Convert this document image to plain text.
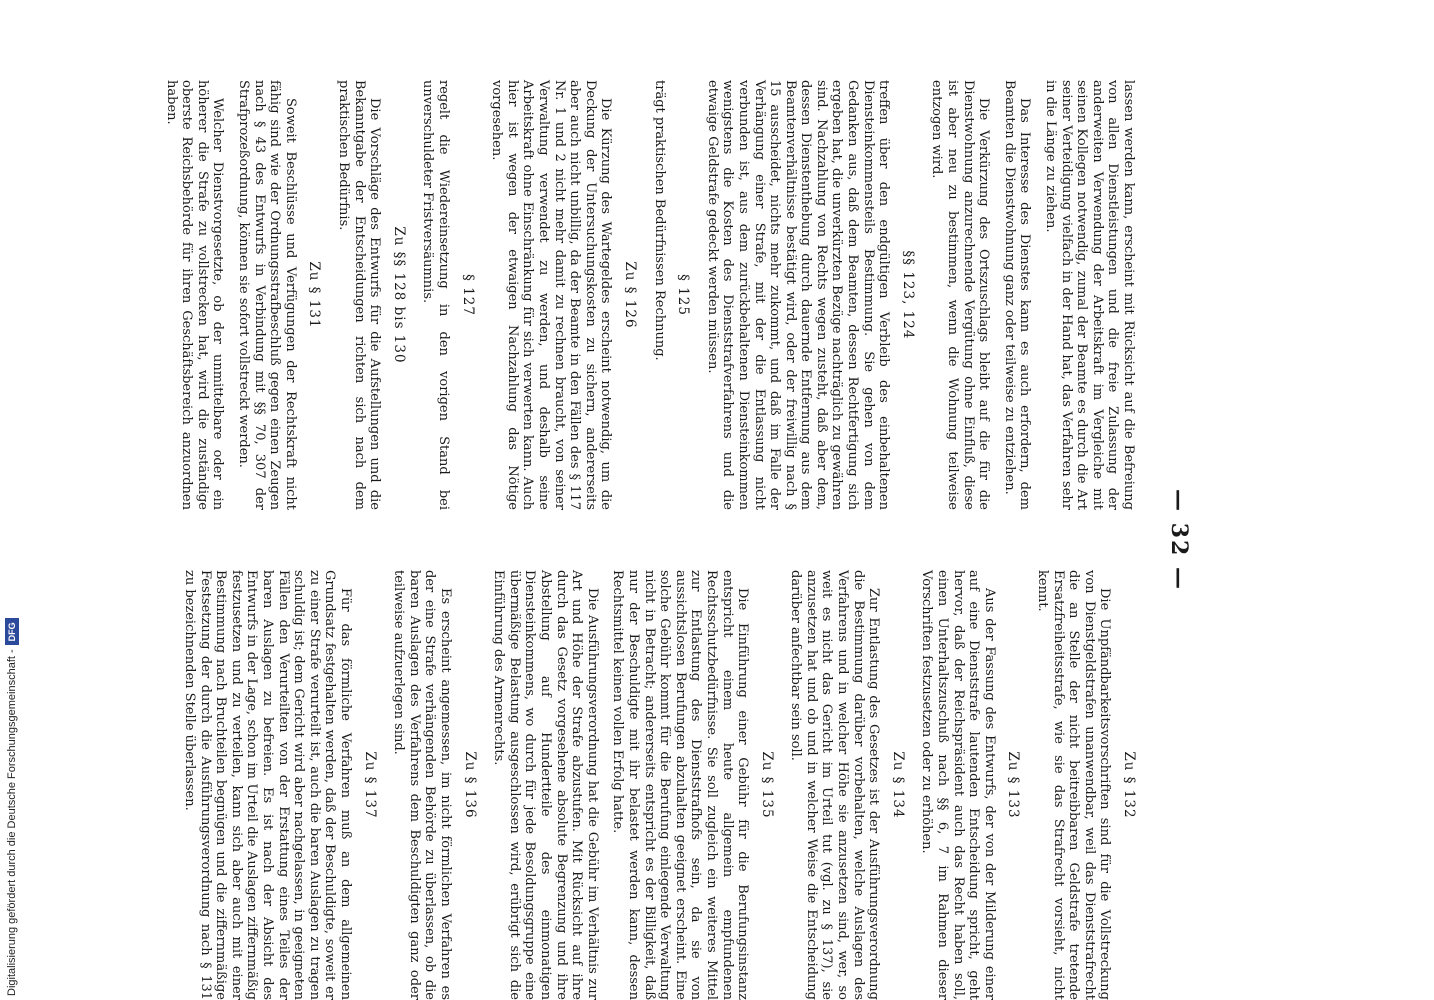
— 32 —

lassen werden kann, erscheint mit Rücksicht auf die Befreiung von allen Dienstleistungen und die freie Zulassung der anderweiten Verwendung der Arbeitskraft im Vergleiche mit seinen Kollegen notwendig, zumal der Beamte es durch die Art seiner Verteidigung vielfach in der Hand hat, das Verfahren sehr in die Länge zu ziehen.

Das Interesse des Dienstes kann es auch erfordern, dem Beamten die Dienstwohnung ganz oder teilweise zu entziehen.

Die Verkürzung des Ortszuschlags bleibt auf die für die Dienstwohnung anzurechnende Vergütung ohne Einfluß, diese ist aber neu zu bestimmen, wenn die Wohnung teilweise entzogen wird.

§§ 123, 124

treffen über den endgültigen Verbleib des einbehaltenen Diensteinkommensteils Bestimmung. Sie gehen von dem Gedanken aus, daß dem Beamten, dessen Rechtfertigung sich ergeben hat, die unverkürzten Bezüge nachträglich zu gewähren sind. Nachzahlung von Rechts wegen zusteht, daß aber dem, dessen Dienstenthebung durch dauernde Entfernung aus dem Beamtenverhältnisse bestätigt wird, oder der freiwillig nach § 15 ausscheidet, nichts mehr zukommt, und daß im Falle der Verhängung einer Strafe, mit der die Entlassung nicht verbunden ist, aus dem zurückbehaltenen Diensteinkommen wenigstens die Kosten des Dienststrafverfahrens und die etwaige Geldstrafe gedeckt werden müssen.

§ 125

trägt praktischen Bedürfnissen Rechnung.

Zu § 126

Die Kürzung des Wartegeldes erscheint notwendig, um die Deckung der Untersuchungskosten zu sichern, andererseits aber auch nicht unbillig, da der Beamte in den Fällen des § 117 Nr. 1 und 2 nicht mehr damit zu rechnen braucht, von seiner Verwaltung verwendet zu werden, und deshalb seine Arbeitskraft ohne Einschränkung für sich verwerten kann. Auch hier ist wegen der etwaigen Nachzahlung das Nötige vorgesehen.

§ 127

regelt die Wiedereinsetzung in den vorigen Stand bei unverschuldeter Fristversäumnis.

Zu §§ 128 bis 130

Die Vorschläge des Entwurfs für die Aufstellungen und die Bekanntgabe der Entscheidungen richten sich nach dem praktischen Bedürfnis.

Zu § 131

Soweit Beschlüsse und Verfügungen der Rechtskraft nicht fähig sind wie der Ordnungsstrafbeschluß gegen einen Zeugen nach § 43 des Entwurfs in Verbindung mit §§ 70, 307 der Strafprozeßordnung, können sie sofort vollstreckt werden.

Welcher Dienstvorgesetzte, ob der unmittelbare oder ein höherer die Strafe zu vollstrecken hat, wird die zuständige oberste Reichsbehörde für ihren Geschäftsbereich anzuordnen haben.

Zu § 132

Die Unpfändbarkeitsvorschriften sind für die Vollstreckung von Dienstgeldstrafen unanwendbar, weil das Dienststrafrecht die an Stelle der nicht beitreibbaren Geldstrafe tretende Ersatzfreiheitsstrafe, wie sie das Strafrecht vorsieht, nicht kennt.

Zu § 133

Aus der Fassung des Entwurfs, der von der Milderung einer auf eine Dienststrafe lautenden Entscheidung spricht, geht hervor, daß der Reichspräsident auch das Recht haben soll, einen Unterhaltszuschuß nach §§ 6, 7 im Rahmen dieser Vorschriften festzusetzen oder zu erhöhen.

Zu § 134

Zur Entlastung des Gesetzes ist der Ausführungsverordnung die Bestimmung darüber vorbehalten, welche Auslagen des Verfahrens und in welcher Höhe sie anzusetzen sind, wer, so weit es nicht das Gericht im Urteil tut (vgl. zu § 137), sie anzusetzen hat und ob und in welcher Weise die Entscheidung darüber anfechtbar sein soll.

Zu § 135

Die Einführung einer Gebühr für die Berufungsinstanz entspricht einem heute allgemein empfundenen Rechtsschutzbedürfnisse. Sie soll zugleich ein weiteres Mittel zur Entlastung des Dienststrafhofs sein, da sie von aussichtslosen Berufungen abzuhalten geeignet erscheint. Eine solche Gebühr kommt für die Berufung einlegende Verwaltung nicht in Betracht; andererseits entspricht es der Billigkeit, daß nur der Beschuldigte mit ihr belastet werden kann, dessen Rechtsmittel keinen vollen Erfolg hatte.

Die Ausführungsverordnung hat die Gebühr im Verhältnis zur Art und Höhe der Strafe abzustufen. Mit Rücksicht auf ihre durch das Gesetz vorgesehene absolute Begrenzung und ihre Abstellung auf Hundertteile des einmonatigen Diensteinkommens, wo durch für jede Besoldungsgruppe eine übermäßige Belastung ausgeschlossen wird, erübrigt sich die Einführung des Armenrechts.

Zu § 136

Es erscheint angemessen, im nicht förmlichen Verfahren es der eine Strafe verhängenden Behörde zu überlassen, ob die baren Auslagen des Verfahrens dem Beschuldigten ganz oder teilweise aufzuerlegen sind.

Zu § 137

Für das förmliche Verfahren muß an dem allgemeinen Grundsatz festgehalten werden, daß der Beschuldigte, soweit er zu einer Strafe verurteilt ist, auch die baren Auslagen zu tragen schuldig ist; dem Gericht wird aber nachgelassen, in geeigneten Fällen den Verurteilten von der Erstattung eines Teiles der baren Auslagen zu befreien. Es ist nach der Absicht des Entwurfs in der Lage, schon im Urteil die Auslagen ziffernmäßig festzusetzen und zu verteilen, kann sich aber auch mit einer Bestimmung nach Bruchteilen begnügen und die ziffernmäßige Festsetzung der durch die Ausführungsverordnung nach § 131 zu bezeichnenden Stelle überlassen.

Digitalisierung gefördert durch die Deutsche Forschungsgemeinschaft -
DFG
